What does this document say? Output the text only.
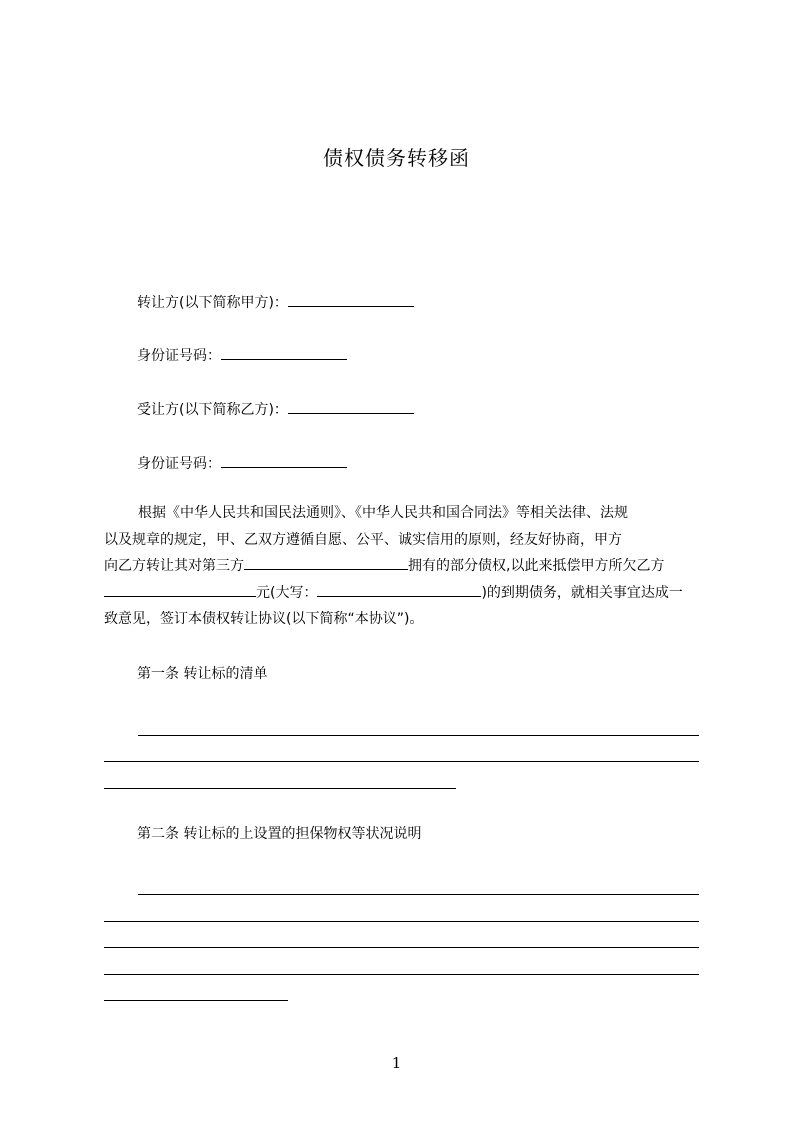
债权债务转移函
转让方(以下简称甲方)：
身份证号码：
受让方(以下简称乙方)：
身份证号码：
根据《中华人民共和国民法通则》、《中华人民共和国合同法》等相关法律、法规
以及规章的规定，甲、乙双方遵循自愿、公平、诚实信用的原则，经友好协商，甲方
向乙方转让其对第三方	拥有的部分债权,以此来抵偿甲方所欠乙方
元(大写：	)的到期债务，就相关事宜达成一
致意见，签订本债权转让协议(以下简称“本协议”)。
第一条 转让标的清单
第二条 转让标的上设置的担保物权等状况说明
1
